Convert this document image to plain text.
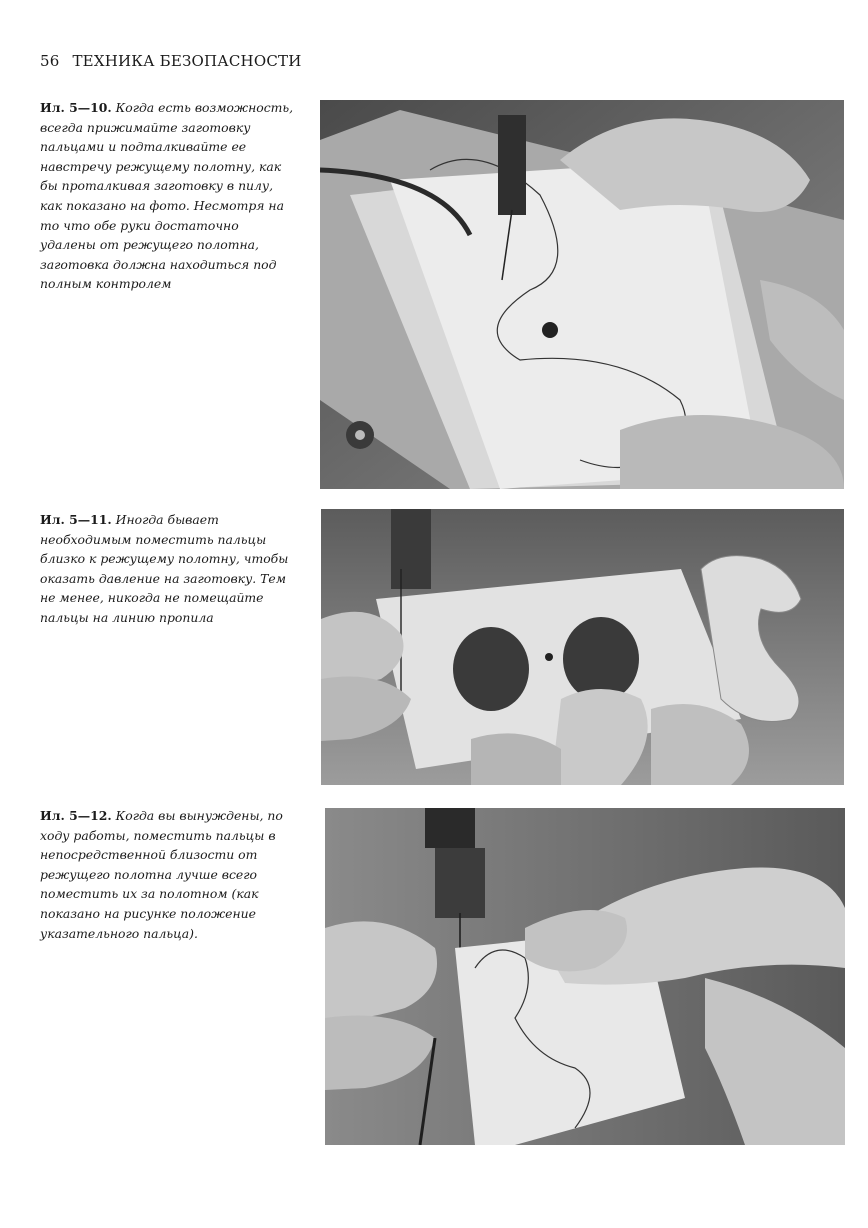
56 ТЕХНИКА БЕЗОПАСНОСТИ
Ил. 5—10. Когда есть возможность, всегда прижимайте заготовку пальцами и подталкивайте ее навстречу режущему полотну, как бы проталкивая заготовку в пилу, как показано на фото. Несмотря на то что обе руки достаточно удалены от режущего полотна, заготовка должна находиться под полным контролем
Ил. 5—11. Иногда бывает необходимым поместить пальцы близко к режущему полотну, чтобы оказать давление на заготовку. Тем не менее, никогда не помещайте пальцы на линию пропила
Ил. 5—12. Когда вы вынуждены, по ходу работы, поместить пальцы в непосредственной близости от режущего полотна лучше всего поместить их за полотном (как показано на рисунке положение указательного пальца).
